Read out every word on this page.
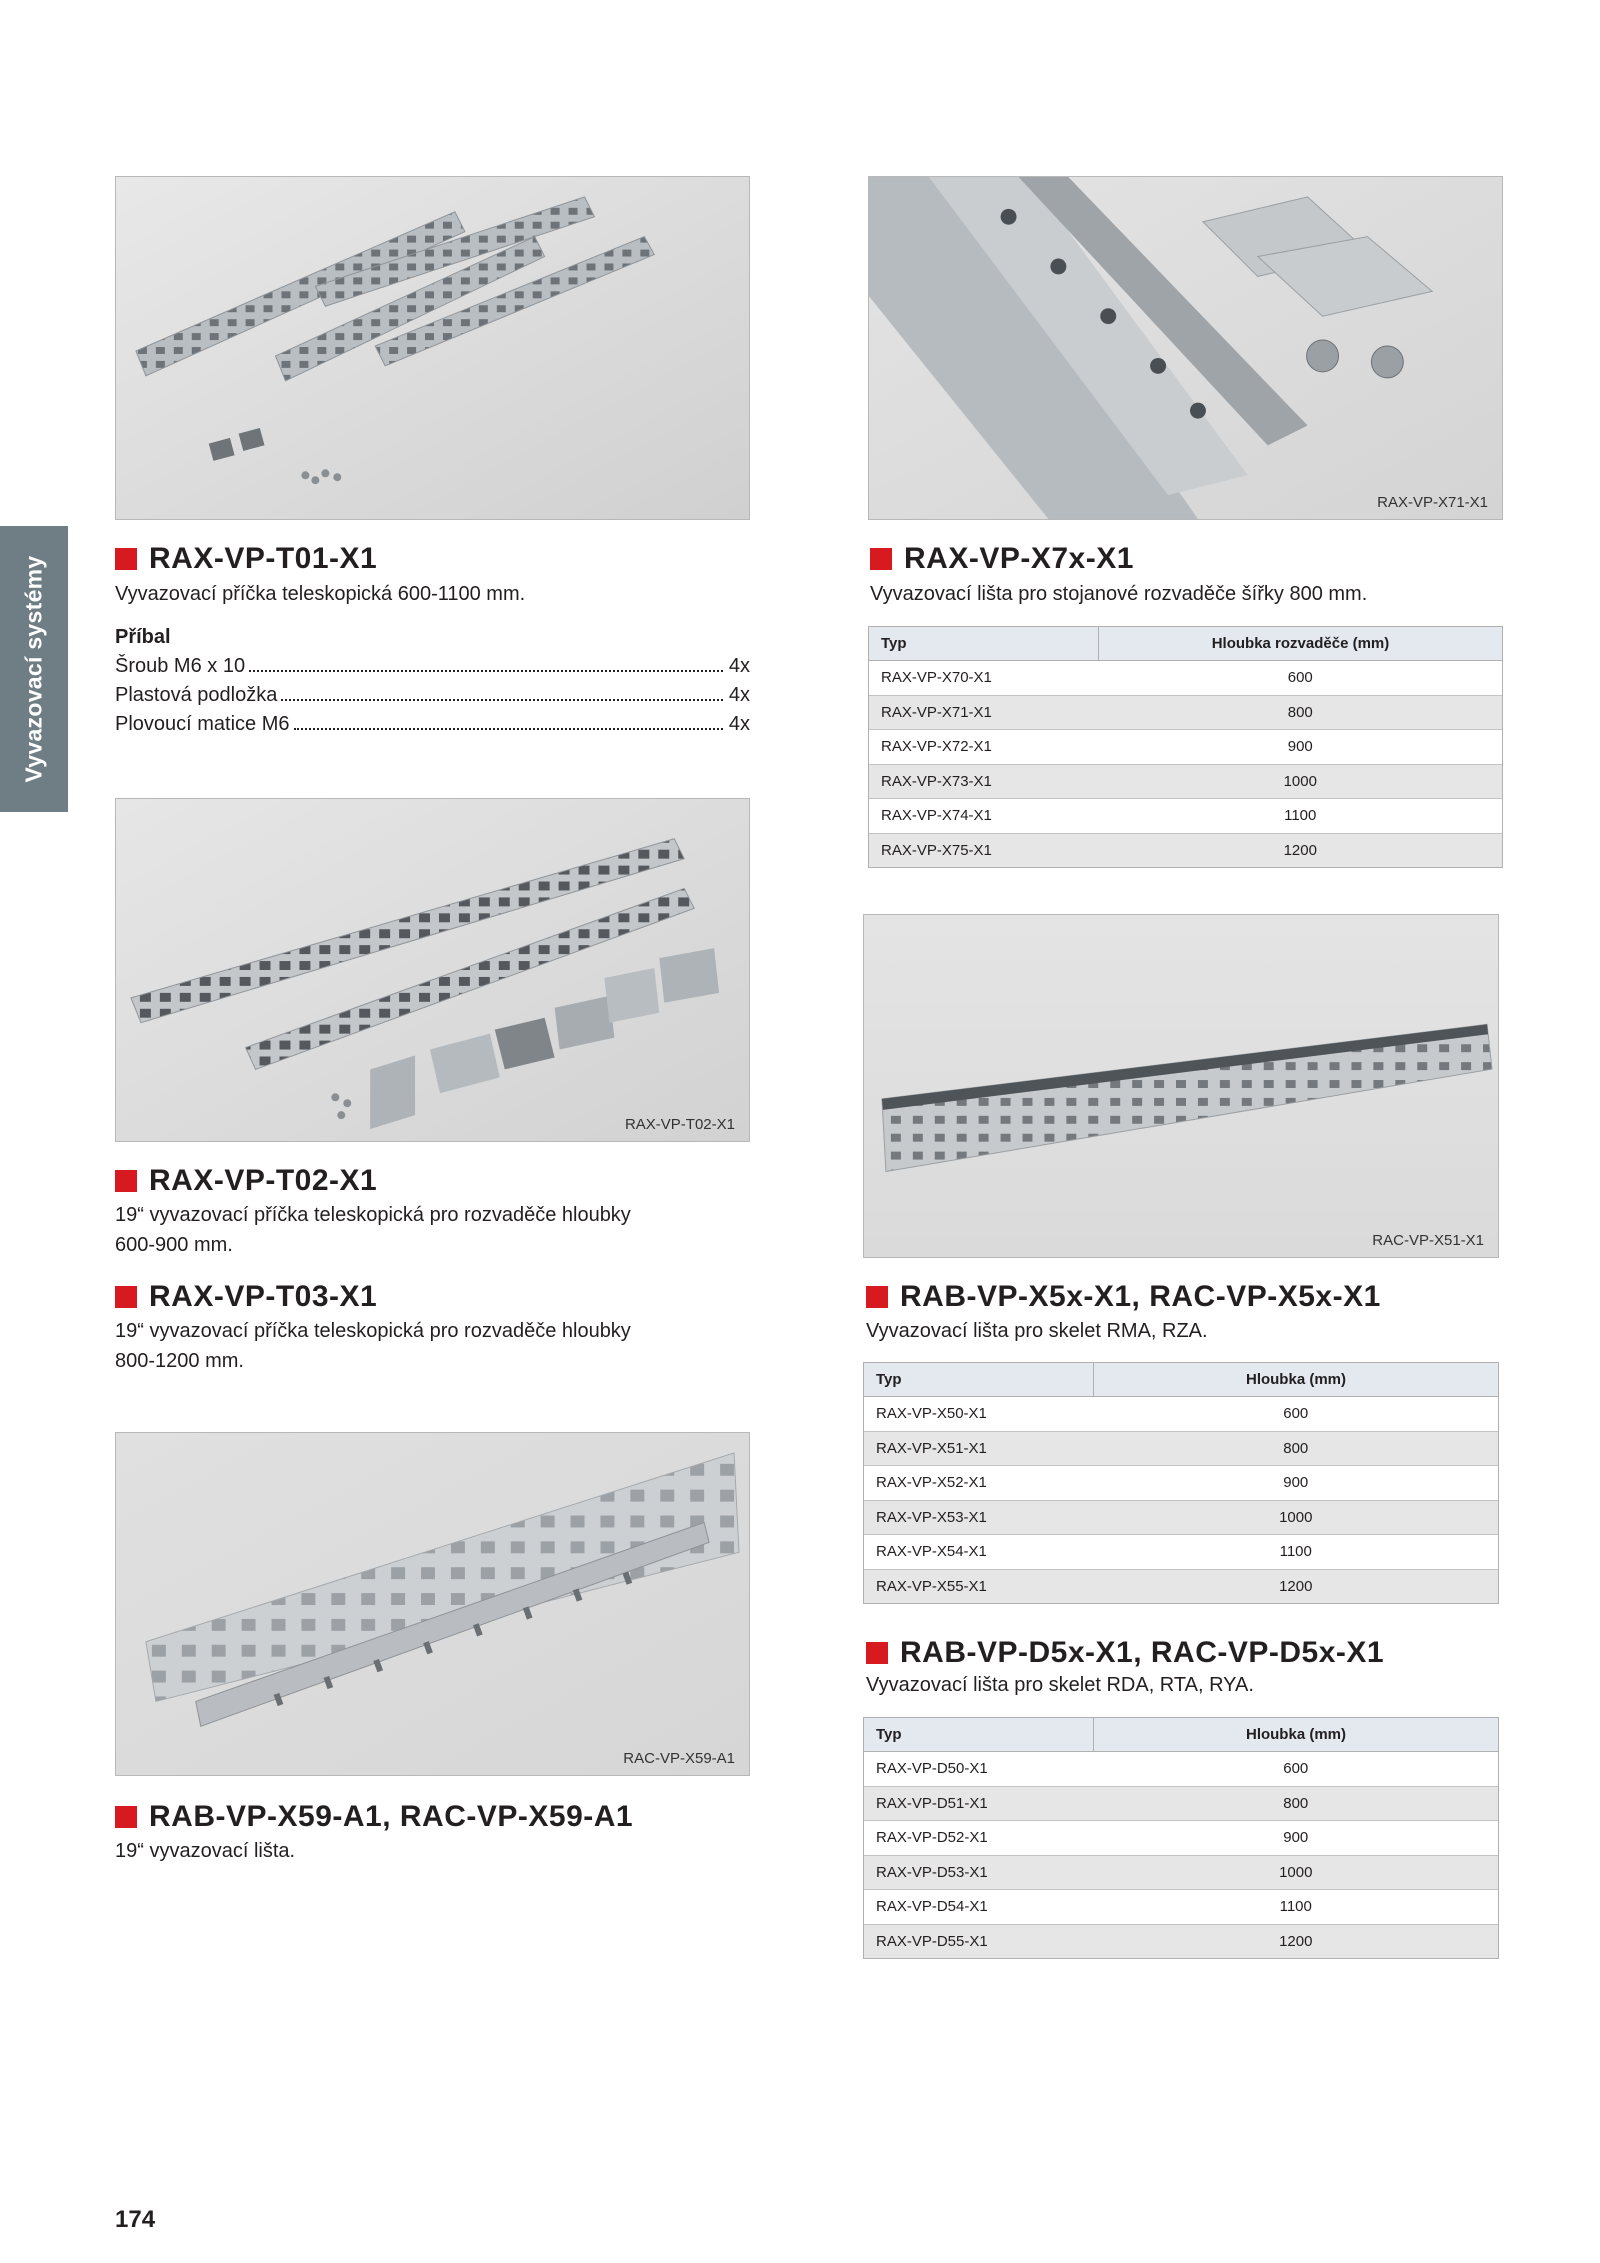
Vyvazovací systémy
RAX-VP-X71-X1
RAX-VP-T01-X1
Vyvazovací příčka teleskopická 600-1100 mm.
Příbal
Šroub M6 x 10	4x
Plastová podložka	4x
Plovoucí matice M6	4x
RAX-VP-X7x-X1
Vyvazovací lišta pro stojanové rozvaděče šířky 800 mm.
Typ	Hloubka rozvaděče (mm)
RAX-VP-X70-X1	600
RAX-VP-X71-X1	800
RAX-VP-X72-X1	900
RAX-VP-X73-X1	1000
RAX-VP-X74-X1	1100
RAX-VP-X75-X1	1200
RAX-VP-T02-X1
RAC-VP-X51-X1
RAX-VP-T02-X1
19“ vyvazovací příčka teleskopická pro rozvaděče hloubky
600-900 mm.
RAX-VP-T03-X1
19“ vyvazovací příčka teleskopická pro rozvaděče hloubky
800-1200 mm.
RAB-VP-X5x-X1, RAC-VP-X5x-X1
Vyvazovací lišta pro skelet RMA, RZA.
Typ	Hloubka (mm)
RAX-VP-X50-X1	600
RAX-VP-X51-X1	800
RAX-VP-X52-X1	900
RAX-VP-X53-X1	1000
RAX-VP-X54-X1	1100
RAX-VP-X55-X1	1200
RAC-VP-X59-A1
RAB-VP-X59-A1, RAC-VP-X59-A1
19“ vyvazovací lišta.
RAB-VP-D5x-X1, RAC-VP-D5x-X1
Vyvazovací lišta pro skelet RDA, RTA, RYA.
Typ	Hloubka (mm)
RAX-VP-D50-X1	600
RAX-VP-D51-X1	800
RAX-VP-D52-X1	900
RAX-VP-D53-X1	1000
RAX-VP-D54-X1	1100
RAX-VP-D55-X1	1200
174
